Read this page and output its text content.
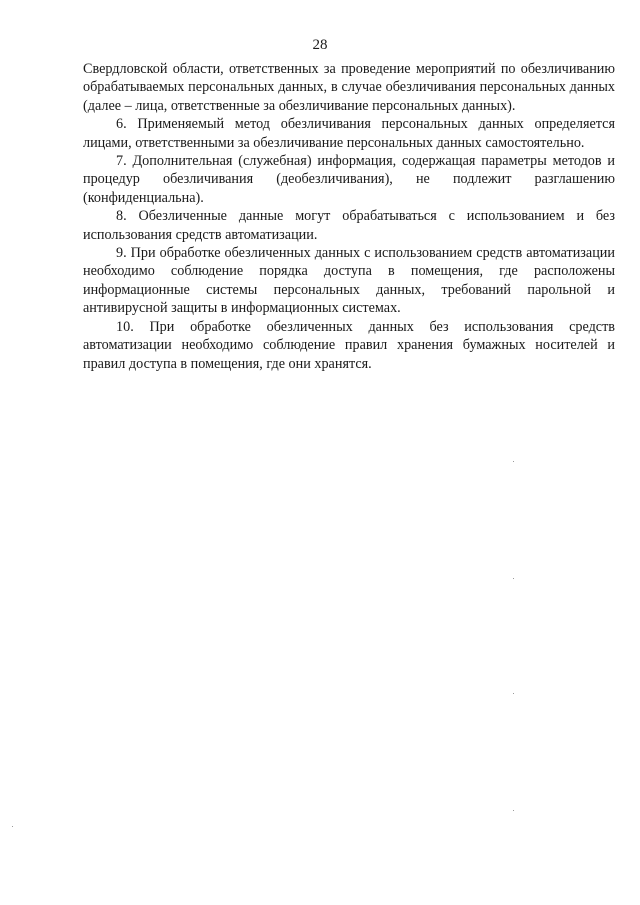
28

Свердловской области, ответственных за проведение мероприятий по обезличиванию обрабатываемых персональных данных, в случае обезличивания персональных данных (далее – лица, ответственные за обезличивание персональных данных).

6. Применяемый метод обезличивания персональных данных определяется лицами, ответственными за обезличивание персональных данных самостоятельно.

7. Дополнительная (служебная) информация, содержащая параметры методов и процедур обезличивания (деобезличивания), не подлежит разглашению (конфиденциальна).

8. Обезличенные данные могут обрабатываться с использованием и без использования средств автоматизации.

9. При обработке обезличенных данных с использованием средств автоматизации необходимо соблюдение порядка доступа в помещения, где расположены информационные системы персональных данных, требований парольной и антивирусной защиты в информационных системах.

10. При обработке обезличенных данных без использования средств автоматизации необходимо соблюдение правил хранения бумажных носителей и правил доступа в помещения, где они хранятся.
